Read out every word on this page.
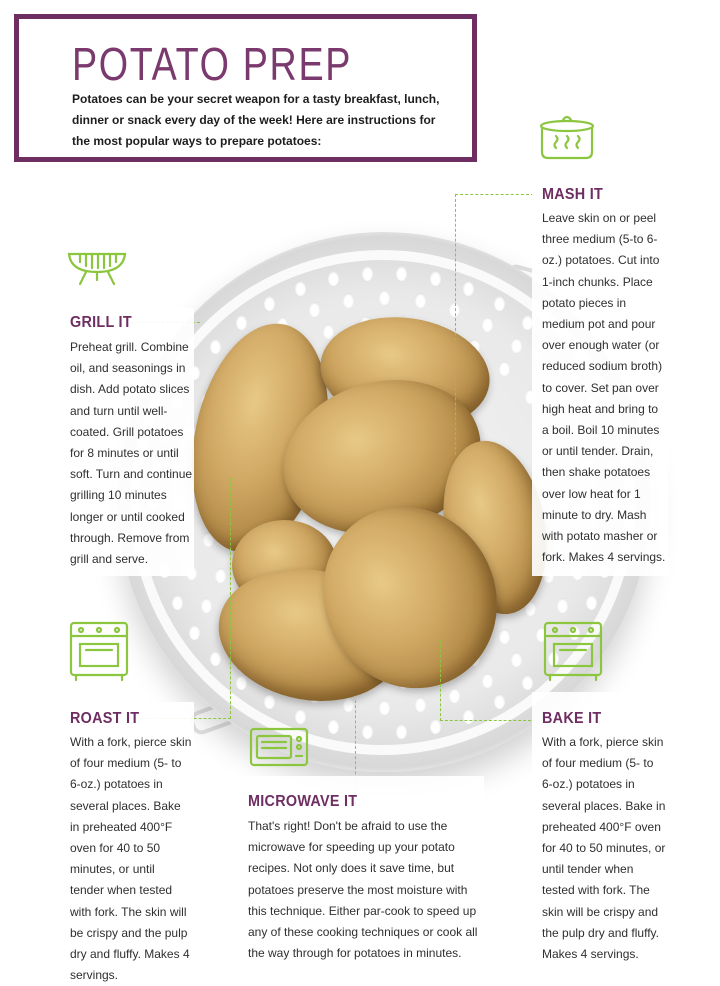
POTATO PREP

Potatoes can be your secret weapon for a tasty breakfast, lunch, dinner or snack every day of the week! Here are instructions for the most popular ways to prepare potatoes:

MASH IT

Leave skin on or peel three medium (5-to 6-oz.) potatoes. Cut into 1-inch chunks. Place potato pieces in medium pot and pour over enough water (or reduced sodium broth) to cover. Set pan over high heat and bring to a boil. Boil 10 minutes or until tender. Drain, then shake potatoes over low heat for 1 minute to dry. Mash with potato masher or fork. Makes 4 servings.

GRILL IT

Preheat grill. Combine oil, and seasonings in dish. Add potato slices and turn until well-coated. Grill potatoes for 8 minutes or until soft. Turn and continue grilling 10 minutes longer or until cooked through. Remove from grill and serve.

ROAST IT

With a fork, pierce skin of four medium (5- to 6-oz.) potatoes in several places. Bake in preheated 400°F oven for 40 to 50 minutes, or until tender when tested with fork. The skin will be crispy and the pulp dry and fluffy. Makes 4 servings.

MICROWAVE IT

That's right! Don't be afraid to use the microwave for speeding up your potato recipes. Not only does it save time, but potatoes preserve the most moisture with this technique. Either par-cook to speed up any of these cooking techniques or cook all the way through for potatoes in minutes.

BAKE IT

With a fork, pierce skin of four medium (5- to 6-oz.) potatoes in several places. Bake in preheated 400°F oven for 40 to 50 minutes, or until tender when tested with fork. The skin will be crispy and the pulp dry and fluffy. Makes 4 servings.
